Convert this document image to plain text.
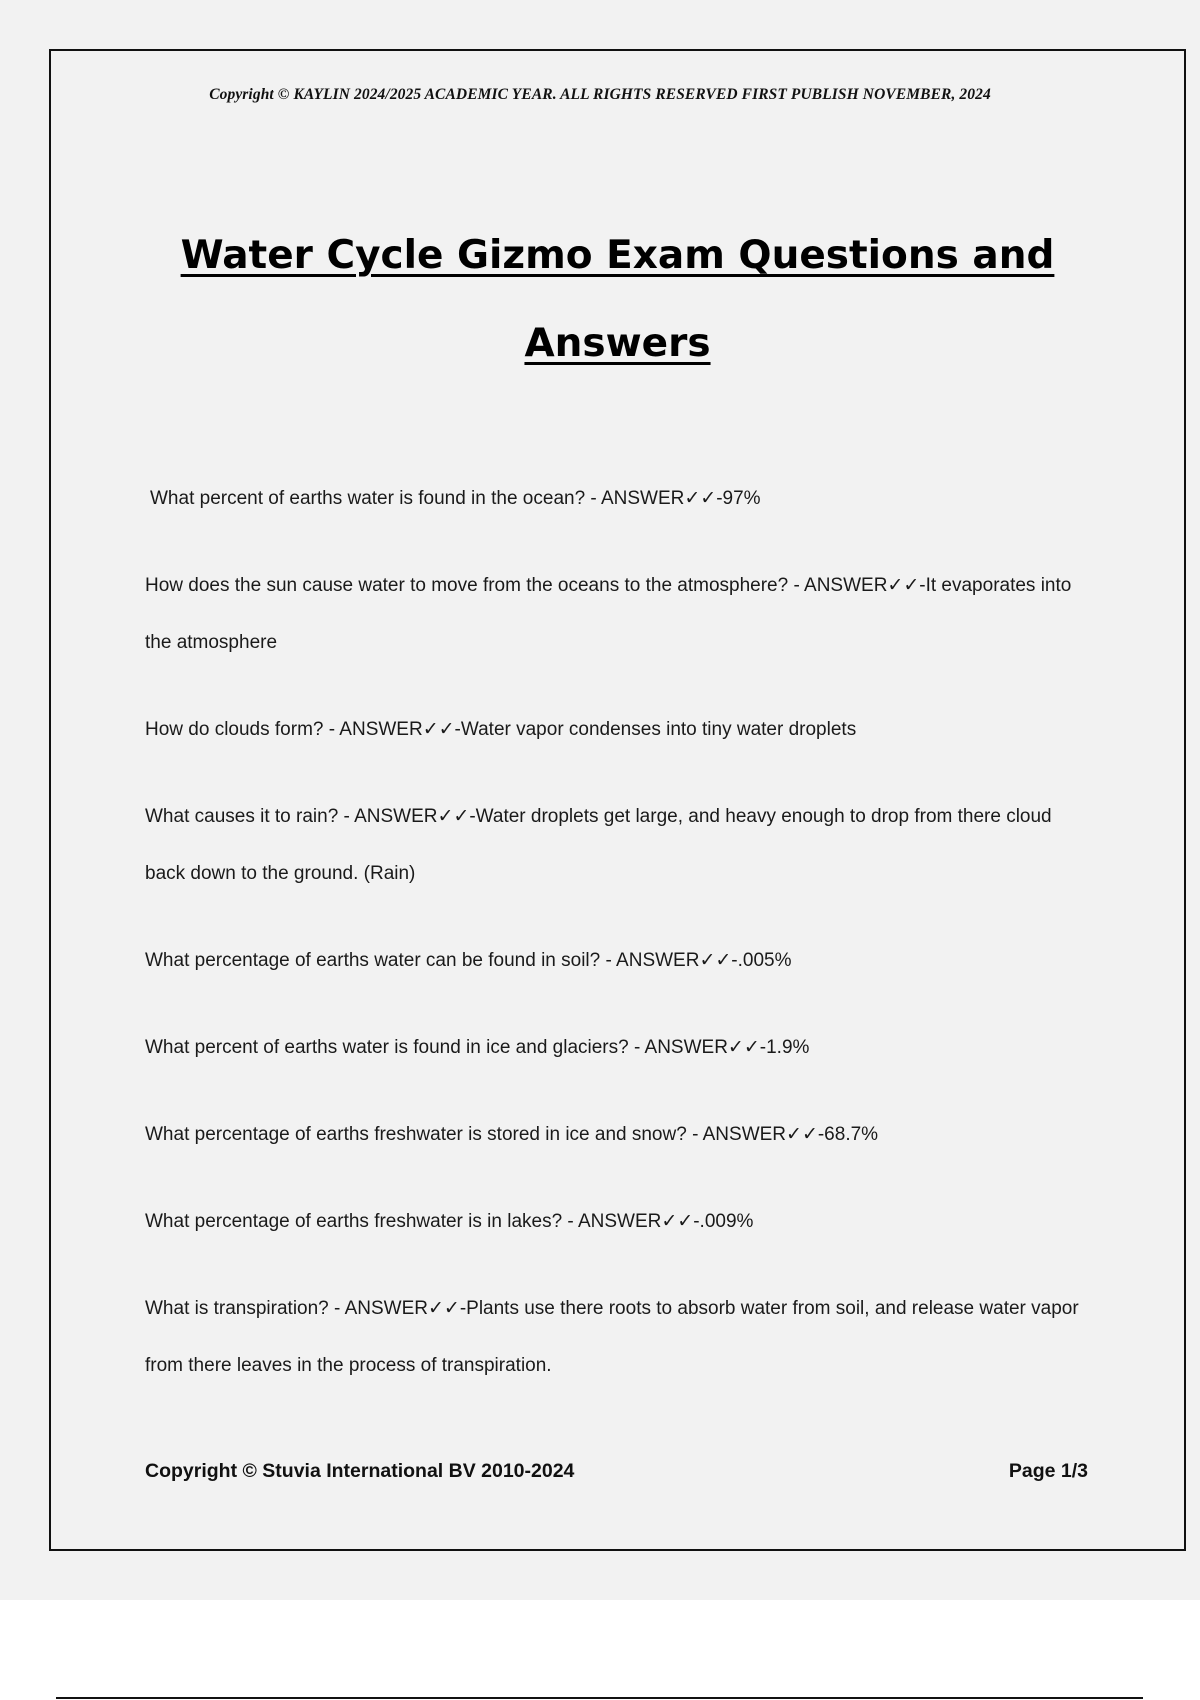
Copyright © KAYLIN 2024/2025 ACADEMIC YEAR. ALL RIGHTS RESERVED FIRST PUBLISH NOVEMBER, 2024
Water Cycle Gizmo Exam Questions and Answers
What percent of earths water is found in the ocean? - ANSWER✓✓-97%
How does the sun cause water to move from the oceans to the atmosphere? - ANSWER✓✓-It evaporates into the atmosphere
How do clouds form? - ANSWER✓✓-Water vapor condenses into tiny water droplets
What causes it to rain? - ANSWER✓✓-Water droplets get large, and heavy enough to drop from there cloud back down to the ground. (Rain)
What percentage of earths water can be found in soil? - ANSWER✓✓-.005%
What percent of earths water is found in ice and glaciers? - ANSWER✓✓-1.9%
What percentage of earths freshwater is stored in ice and snow? - ANSWER✓✓-68.7%
What percentage of earths freshwater is in lakes? - ANSWER✓✓-.009%
What is transpiration? - ANSWER✓✓-Plants use there roots to absorb water from soil, and release water vapor from there leaves in the process of transpiration.
Copyright © Stuvia International BV 2010-2024	Page 1/3
